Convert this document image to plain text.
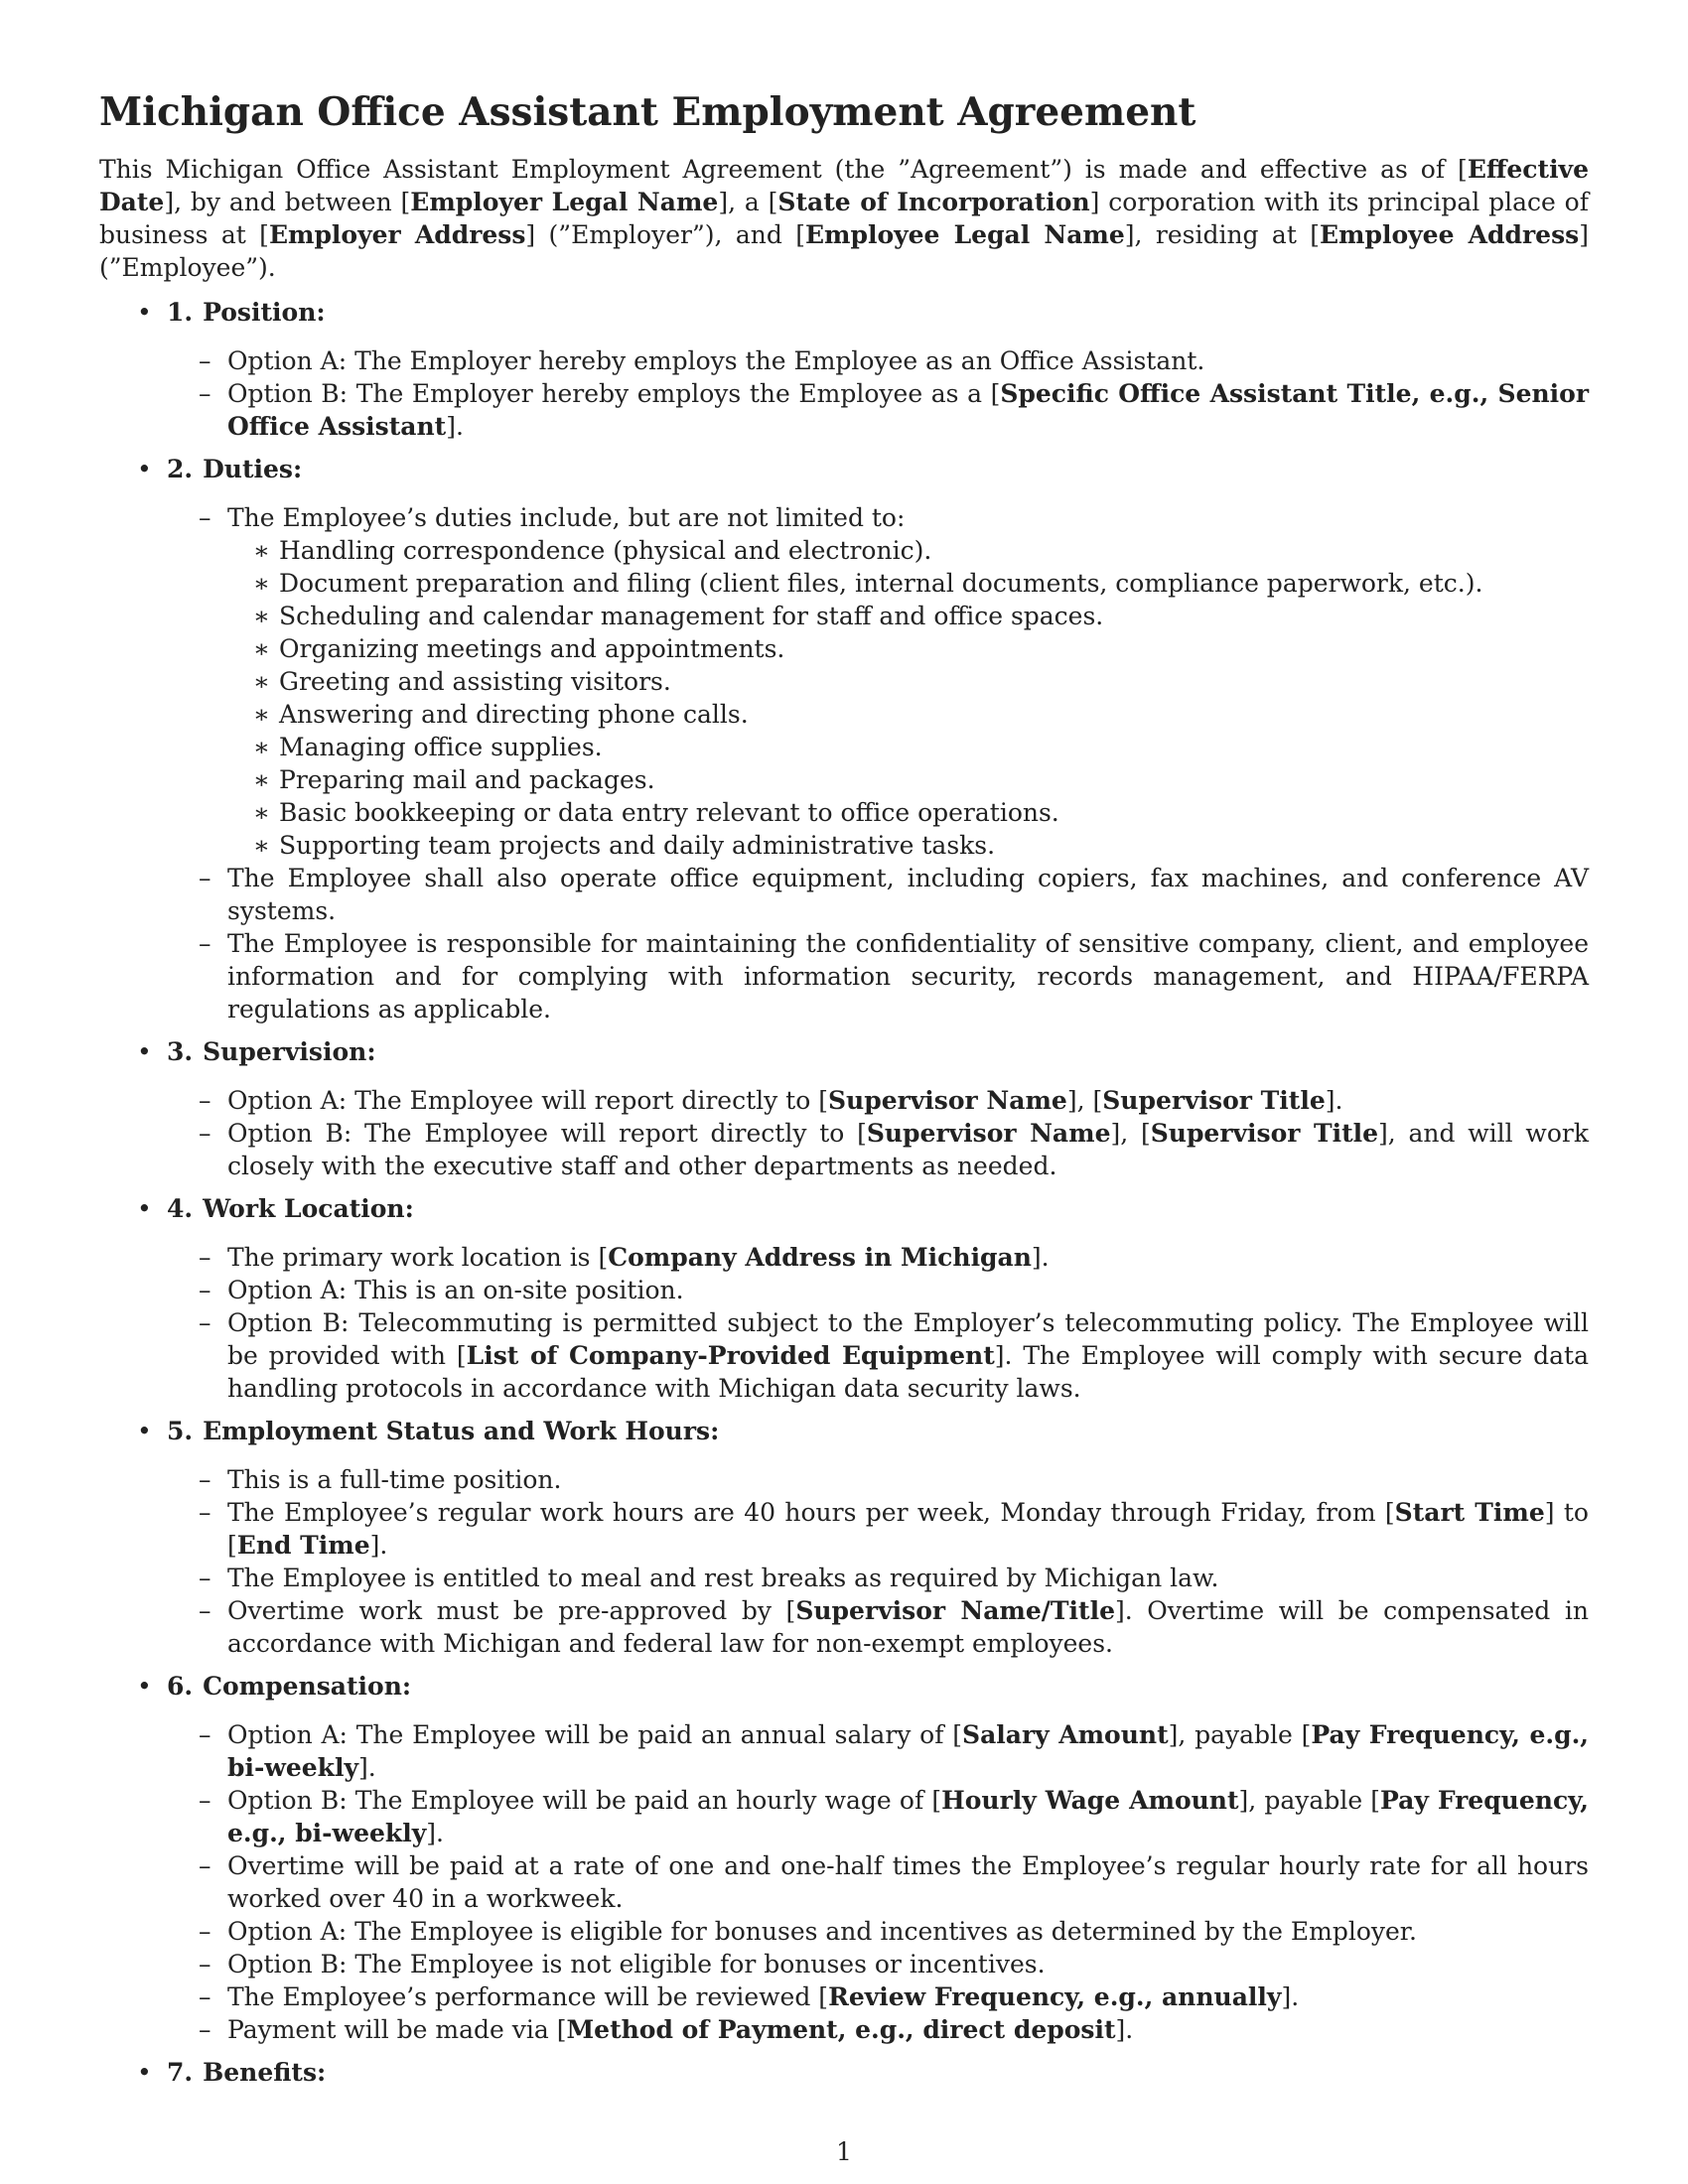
Michigan Office Assistant Employment Agreement

This Michigan Office Assistant Employment Agreement (the ”Agreement”) is made and effective as of [Effective Date], by and between [Employer Legal Name], a [State of Incorporation] corporation with its principal place of business at [Employer Address] (”Employer”), and [Employee Legal Name], residing at [Employee Address] (”Employee”).

• 1. Position:
– Option A: The Employer hereby employs the Employee as an Office Assistant.
– Option B: The Employer hereby employs the Employee as a [Specific Office Assistant Title, e.g., Senior Office Assistant].
• 2. Duties:
– The Employee’s duties include, but are not limited to:
∗ Handling correspondence (physical and electronic).
∗ Document preparation and filing (client files, internal documents, compliance paperwork, etc.).
∗ Scheduling and calendar management for staff and office spaces.
∗ Organizing meetings and appointments.
∗ Greeting and assisting visitors.
∗ Answering and directing phone calls.
∗ Managing office supplies.
∗ Preparing mail and packages.
∗ Basic bookkeeping or data entry relevant to office operations.
∗ Supporting team projects and daily administrative tasks.
– The Employee shall also operate office equipment, including copiers, fax machines, and conference AV systems.
– The Employee is responsible for maintaining the confidentiality of sensitive company, client, and employee information and for complying with information security, records management, and HIPAA/FERPA regulations as applicable.
• 3. Supervision:
– Option A: The Employee will report directly to [Supervisor Name], [Supervisor Title].
– Option B: The Employee will report directly to [Supervisor Name], [Supervisor Title], and will work closely with the executive staff and other departments as needed.
• 4. Work Location:
– The primary work location is [Company Address in Michigan].
– Option A: This is an on-site position.
– Option B: Telecommuting is permitted subject to the Employer’s telecommuting policy. The Employee will be provided with [List of Company-Provided Equipment]. The Employee will comply with secure data handling protocols in accordance with Michigan data security laws.
• 5. Employment Status and Work Hours:
– This is a full-time position.
– The Employee’s regular work hours are 40 hours per week, Monday through Friday, from [Start Time] to [End Time].
– The Employee is entitled to meal and rest breaks as required by Michigan law.
– Overtime work must be pre-approved by [Supervisor Name/Title]. Overtime will be compensated in accordance with Michigan and federal law for non-exempt employees.
• 6. Compensation:
– Option A: The Employee will be paid an annual salary of [Salary Amount], payable [Pay Frequency, e.g., bi-weekly].
– Option B: The Employee will be paid an hourly wage of [Hourly Wage Amount], payable [Pay Frequency, e.g., bi-weekly].
– Overtime will be paid at a rate of one and one-half times the Employee’s regular hourly rate for all hours worked over 40 in a workweek.
– Option A: The Employee is eligible for bonuses and incentives as determined by the Employer.
– Option B: The Employee is not eligible for bonuses or incentives.
– The Employee’s performance will be reviewed [Review Frequency, e.g., annually].
– Payment will be made via [Method of Payment, e.g., direct deposit].
• 7. Benefits:
1
